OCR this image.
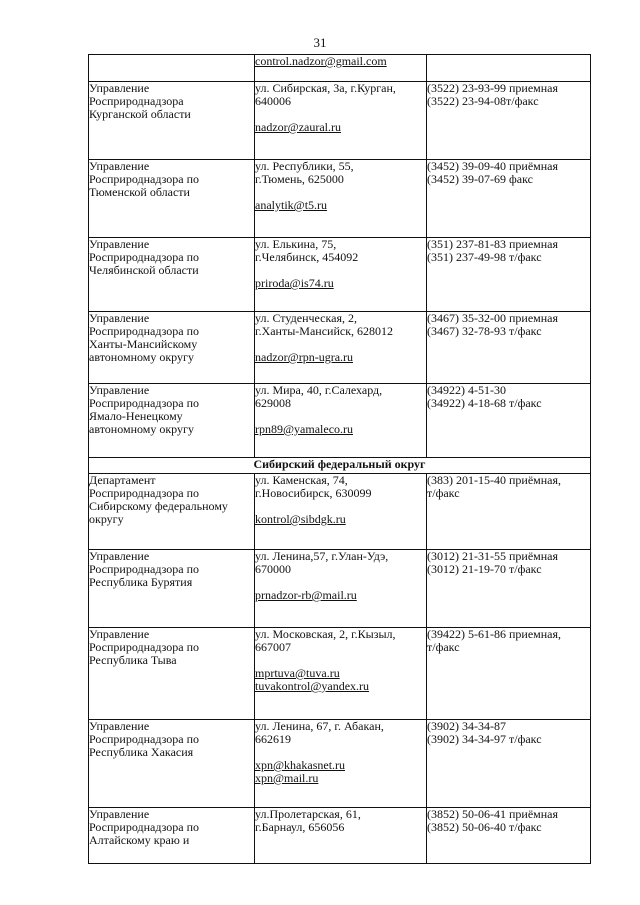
31

	control.nadzor@gmail.com	

Управление
Росприроднадзора
Курганской области	ул. Сибирская, 3а, г.Курган,
640006
nadzor@zaural.ru	(3522) 23-93-99 приемная
(3522) 23-94-08т/факс

Управление
Росприроднадзора по
Тюменской области	ул. Республики, 55,
г.Тюмень, 625000
analytik@t5.ru	(3452) 39-09-40 приёмная
(3452) 39-07-69 факс

Управление
Росприроднадзора по
Челябинской области	ул. Елькина, 75,
г.Челябинск, 454092
priroda@is74.ru	(351) 237-81-83 приемная
(351) 237-49-98 т/факс

Управление
Росприроднадзора по
Ханты-Мансийскому
автономному округу	ул. Студенческая, 2,
г.Ханты-Мансийск, 628012
nadzor@rpn-ugra.ru	(3467) 35-32-00 приемная
(3467) 32-78-93 т/факс

Управление
Росприроднадзора по
Ямало-Ненецкому
автономному округу	ул. Мира, 40, г.Салехард,
629008
rpn89@yamaleco.ru	(34922) 4-51-30
(34922) 4-18-68 т/факс

Сибирский федеральный округ		

Департамент
Росприроднадзора по
Сибирскому федеральному
округу	ул. Каменская, 74,
г.Новосибирск, 630099
kontrol@sibdgk.ru	(383) 201-15-40 приёмная,
т/факс

Управление
Росприроднадзора по
Республика Бурятия	ул. Ленина,57, г.Улан-Удэ,
670000
prnadzor-rb@mail.ru	(3012) 21-31-55 приёмная
(3012) 21-19-70 т/факс

Управление
Росприроднадзора по
Республика Тыва	ул. Московская, 2, г.Кызыл,
667007
mprtuva@tuva.ru
tuvakontrol@yandex.ru	(39422) 5-61-86 приемная,
т/факс

Управление
Росприроднадзора по
Республика Хакасия	ул. Ленина, 67, г. Абакан,
662619
xpn@khakasnet.ru
xpn@mail.ru	(3902) 34-34-87
(3902) 34-34-97 т/факс

Управление
Росприроднадзора по
Алтайскому краю и	ул.Пролетарская, 61,
г.Барнаул, 656056	(3852) 50-06-41 приёмная
(3852) 50-06-40 т/факс
